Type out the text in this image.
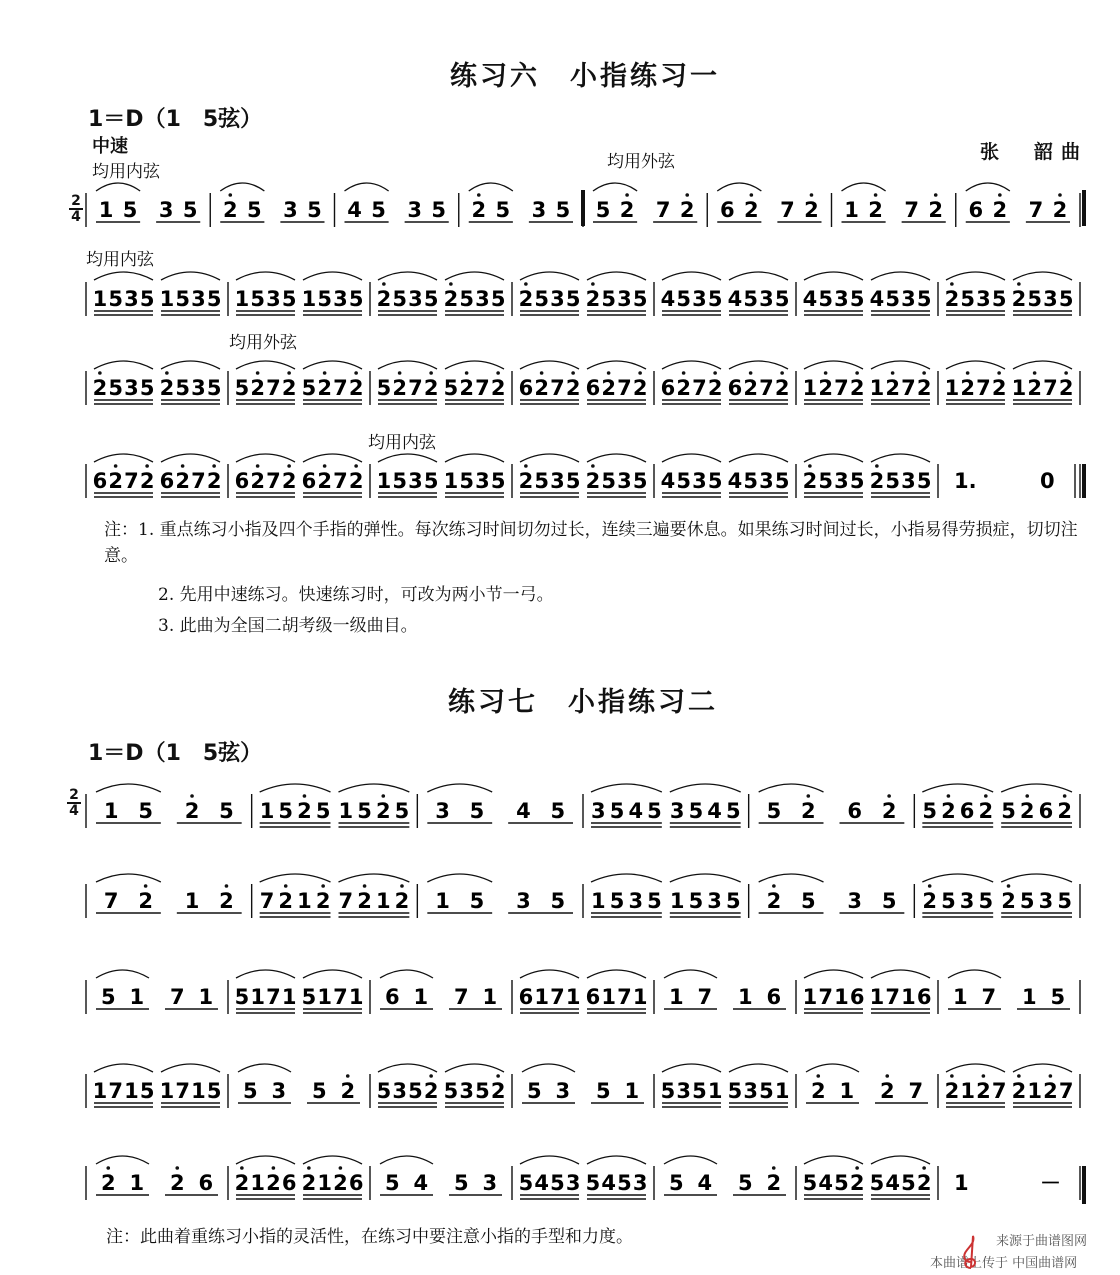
练习六　小指练习一
1＝D（1　5弦）
中速	张　韶曲
均用内弦	均用外弦
均用内弦
均用外弦
均用内弦
2
4 1 5 3 5 2 5 3 5 4 5 3 5 2 5 3 5 5 2 7 2 6 2 7 2 1 2 7 2 6 2 7 2
1 5 3 5 1 5 3 5 1 5 3 5 1 5 3 5 2 5 3 5 2 5 3 5 2 5 3 5 2 5 3 5 4 5 3 5 4 5 3 5 4 5 3 5 4 5 3 5 2 5 3 5 2 5 3 5
2 5 3 5 2 5 3 5 5 2 7 2 5 2 7 2 5 2 7 2 5 2 7 2 6 2 7 2 6 2 7 2 6 2 7 2 6 2 7 2 1 2 7 2 1 2 7 2 1 2 7 2 1 2 7 2
6 2 7 2 6 2 7 2 6 2 7 2 6 2 7 2 1 5 3 5 1 5 3 5 2 5 3 5 2 5 3 5 4 5 3 5 4 5 3 5 2 5 3 5 2 5 3 5 1.	0
注：1. 重点练习小指及四个手指的弹性。每次练习时间切勿过长，连续三遍要休息。如果练习时间过长，小指易得劳损症，切切注意。
2. 先用中速练习。快速练习时，可改为两小节一弓。
3. 此曲为全国二胡考级一级曲目。
练习七　小指练习二
1＝D（1　5弦）
2
4 1 5 2 5 1 5 2 5 1 5 2 5 3 5 4 5 3 5 4 5 3 5 4 5 5 2 6 2 5 2 6 2 5 2 6 2
7 2 1 2 7 2 1 2 7 2 1 2 1 5 3 5 1 5 3 5 1 5 3 5 2 5 3 5 2 5 3 5 2 5 3 5
5 1 7 1 5 1 7 1 5 1 7 1 6 1 7 1 6 1 7 1 6 1 7 1 1 7 1 6 1 7 1 6 1 7 1 6 1 7 1 5
1 7 1 5 1 7 1 5 5 3 5 2 5 3 5 2 5 3 5 2 5 3 5 1 5 3 5 1 5 3 5 1 2 1 2 7 2 1 2 7 2 1 2 7
2 1 2 6 2 1 2 6 2 1 2 6 5 4 5 3 5 4 5 3 5 4 5 3 5 4 5 2 5 4 5 2 5 4 5 2 1	－
注：此曲着重练习小指的灵活性，在练习中要注意小指的手型和力度。	来源于曲谱图网
本曲谱上传于 中国曲谱网
